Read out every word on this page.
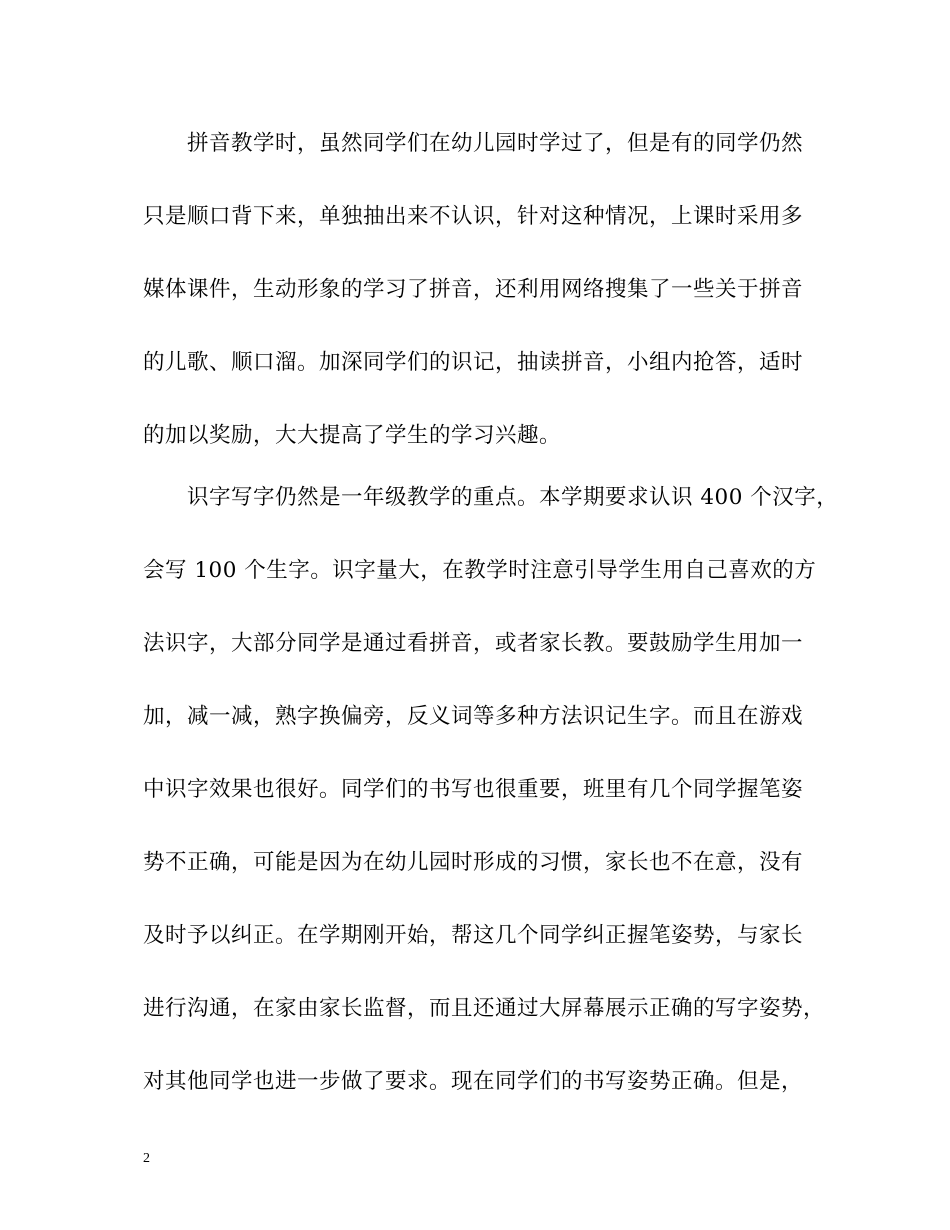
拼音教学时，虽然同学们在幼儿园时学过了，但是有的同学仍然
只是顺口背下来，单独抽出来不认识，针对这种情况，上课时采用多
媒体课件，生动形象的学习了拼音，还利用网络搜集了一些关于拼音
的儿歌、顺口溜。加深同学们的识记，抽读拼音，小组内抢答，适时
的加以奖励，大大提高了学生的学习兴趣。
识字写字仍然是一年级教学的重点。本学期要求认识 400 个汉字，
会写 100 个生字。识字量大，在教学时注意引导学生用自己喜欢的方
法识字，大部分同学是通过看拼音，或者家长教。要鼓励学生用加一
加，减一减，熟字换偏旁，反义词等多种方法识记生字。而且在游戏
中识字效果也很好。同学们的书写也很重要，班里有几个同学握笔姿
势不正确，可能是因为在幼儿园时形成的习惯，家长也不在意，没有
及时予以纠正。在学期刚开始，帮这几个同学纠正握笔姿势，与家长
进行沟通，在家由家长监督，而且还通过大屏幕展示正确的写字姿势，
对其他同学也进一步做了要求。现在同学们的书写姿势正确。但是，
2
